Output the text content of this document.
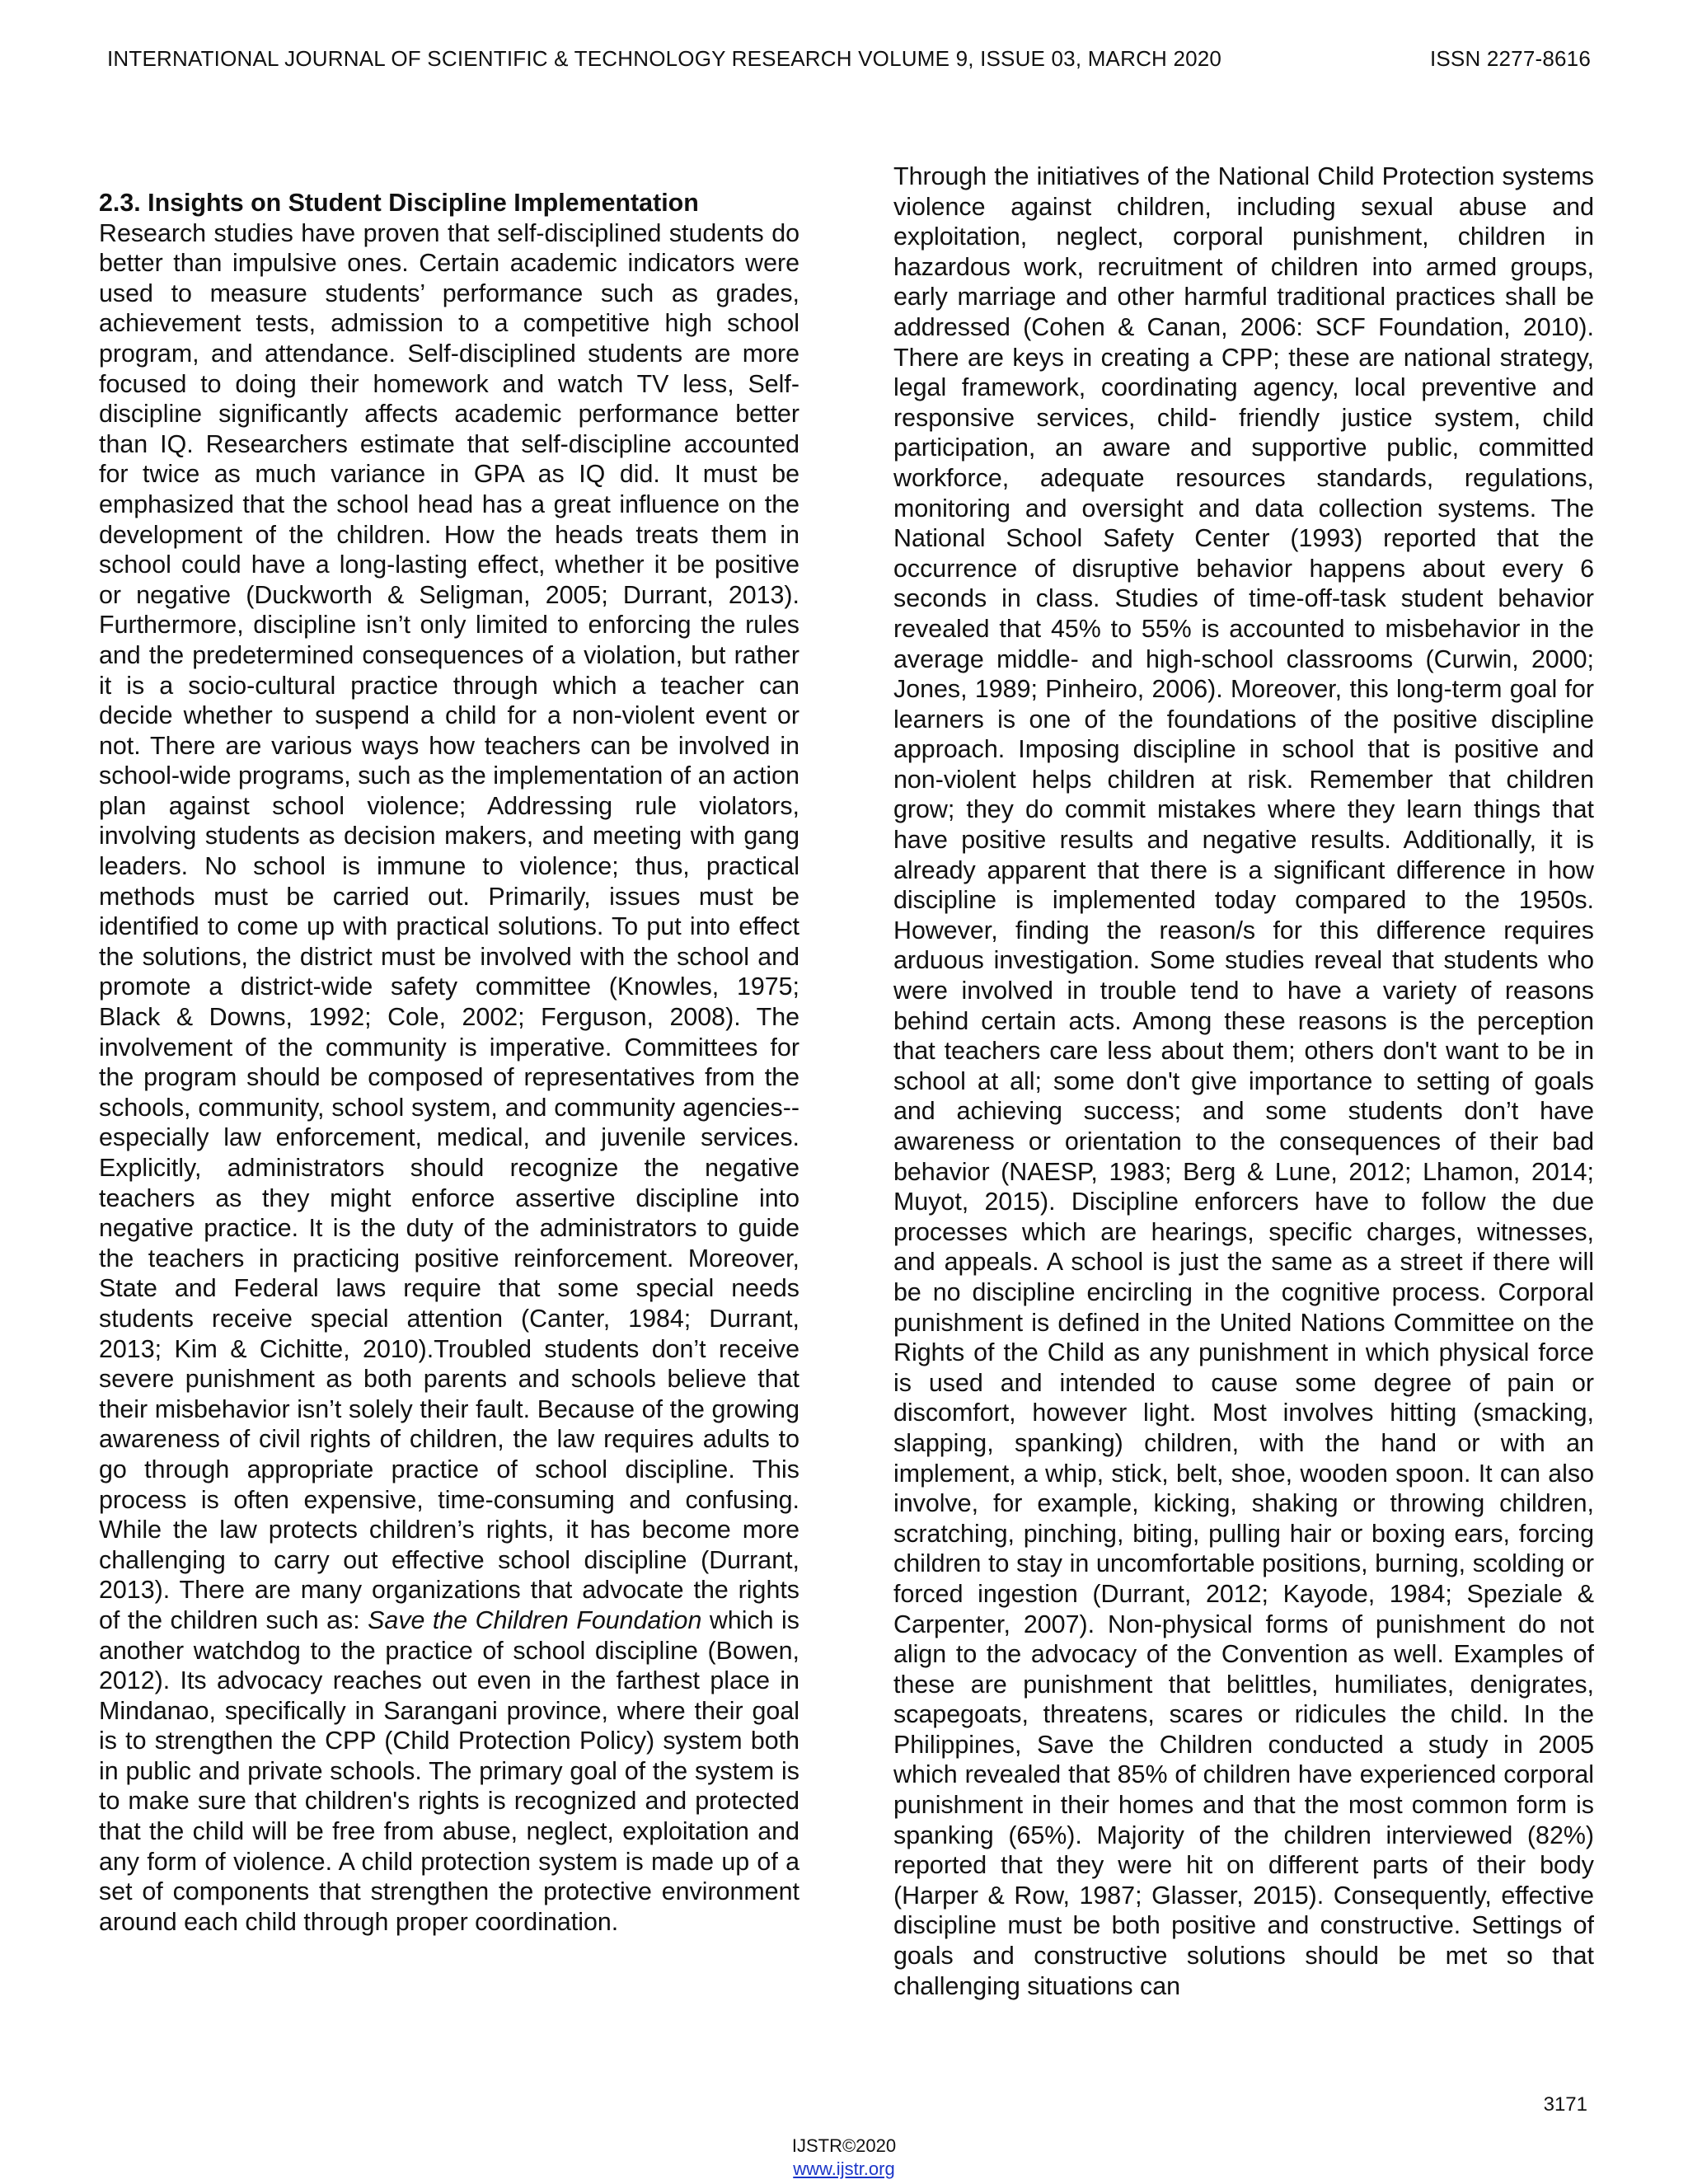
INTERNATIONAL JOURNAL OF SCIENTIFIC & TECHNOLOGY RESEARCH VOLUME 9, ISSUE 03, MARCH 2020	ISSN 2277-8616

2.3. Insights on Student Discipline Implementation

Research studies have proven that self-disciplined students do better than impulsive ones. Certain academic indicators were used to measure students’ performance such as grades, achievement tests, admission to a competitive high school program, and attendance. Self-disciplined students are more focused to doing their homework and watch TV less, Self-discipline significantly affects academic performance better than IQ. Researchers estimate that self-discipline accounted for twice as much variance in GPA as IQ did. It must be emphasized that the school head has a great influence on the development of the children. How the heads treats them in school could have a long-lasting effect, whether it be positive or negative (Duckworth & Seligman, 2005; Durrant, 2013). Furthermore, discipline isn’t only limited to enforcing the rules and the predetermined consequences of a violation, but rather it is a socio-cultural practice through which a teacher can decide whether to suspend a child for a non-violent event or not. There are various ways how teachers can be involved in school-wide programs, such as the implementation of an action plan against school violence; Addressing rule violators, involving students as decision makers, and meeting with gang leaders. No school is immune to violence; thus, practical methods must be carried out. Primarily, issues must be identified to come up with practical solutions. To put into effect the solutions, the district must be involved with the school and promote a district-wide safety committee (Knowles, 1975; Black & Downs, 1992; Cole, 2002; Ferguson, 2008). The involvement of the community is imperative. Committees for the program should be composed of representatives from the schools, community, school system, and community agencies--especially law enforcement, medical, and juvenile services. Explicitly, administrators should recognize the negative teachers as they might enforce assertive discipline into negative practice. It is the duty of the administrators to guide the teachers in practicing positive reinforcement. Moreover, State and Federal laws require that some special needs students receive special attention (Canter, 1984; Durrant, 2013; Kim & Cichitte, 2010).Troubled students don’t receive severe punishment as both parents and schools believe that their misbehavior isn’t solely their fault. Because of the growing awareness of civil rights of children, the law requires adults to go through appropriate practice of school discipline. This process is often expensive, time-consuming and confusing. While the law protects children’s rights, it has become more challenging to carry out effective school discipline (Durrant, 2013). There are many organizations that advocate the rights of the children such as: Save the Children Foundation which is another watchdog to the practice of school discipline (Bowen, 2012). Its advocacy reaches out even in the farthest place in Mindanao, specifically in Sarangani province, where their goal is to strengthen the CPP (Child Protection Policy) system both in public and private schools. The primary goal of the system is to make sure that children's rights is recognized and protected that the child will be free from abuse, neglect, exploitation and any form of violence. A child protection system is made up of a set of components that strengthen the protective environment around each child through proper coordination.

Through the initiatives of the National Child Protection systems violence against children, including sexual abuse and exploitation, neglect, corporal punishment, children in hazardous work, recruitment of children into armed groups, early marriage and other harmful traditional practices shall be addressed (Cohen & Canan, 2006: SCF Foundation, 2010). There are keys in creating a CPP; these are national strategy, legal framework, coordinating agency, local preventive and responsive services, child- friendly justice system, child participation, an aware and supportive public, committed workforce, adequate resources standards, regulations, monitoring and oversight and data collection systems. The National School Safety Center (1993) reported that the occurrence of disruptive behavior happens about every 6 seconds in class. Studies of time-off-task student behavior revealed that 45% to 55% is accounted to misbehavior in the average middle- and high-school classrooms (Curwin, 2000; Jones, 1989; Pinheiro, 2006). Moreover, this long-term goal for learners is one of the foundations of the positive discipline approach. Imposing discipline in school that is positive and non-violent helps children at risk. Remember that children grow; they do commit mistakes where they learn things that have positive results and negative results. Additionally, it is already apparent that there is a significant difference in how discipline is implemented today compared to the 1950s. However, finding the reason/s for this difference requires arduous investigation. Some studies reveal that students who were involved in trouble tend to have a variety of reasons behind certain acts. Among these reasons is the perception that teachers care less about them; others don't want to be in school at all; some don't give importance to setting of goals and achieving success; and some students don’t have awareness or orientation to the consequences of their bad behavior (NAESP, 1983; Berg & Lune, 2012; Lhamon, 2014; Muyot, 2015). Discipline enforcers have to follow the due processes which are hearings, specific charges, witnesses, and appeals. A school is just the same as a street if there will be no discipline encircling in the cognitive process. Corporal punishment is defined in the United Nations Committee on the Rights of the Child as any punishment in which physical force is used and intended to cause some degree of pain or discomfort, however light. Most involves hitting (smacking, slapping, spanking) children, with the hand or with an implement, a whip, stick, belt, shoe, wooden spoon. It can also involve, for example, kicking, shaking or throwing children, scratching, pinching, biting, pulling hair or boxing ears, forcing children to stay in uncomfortable positions, burning, scolding or forced ingestion (Durrant, 2012; Kayode, 1984; Speziale & Carpenter, 2007). Non-physical forms of punishment do not align to the advocacy of the Convention as well. Examples of these are punishment that belittles, humiliates, denigrates, scapegoats, threatens, scares or ridicules the child. In the Philippines, Save the Children conducted a study in 2005 which revealed that 85% of children have experienced corporal punishment in their homes and that the most common form is spanking (65%). Majority of the children interviewed (82%) reported that they were hit on different parts of their body (Harper & Row, 1987; Glasser, 2015). Consequently, effective discipline must be both positive and constructive. Settings of goals and constructive solutions should be met so that challenging situations can

3171
IJSTR©2020
www.ijstr.org
